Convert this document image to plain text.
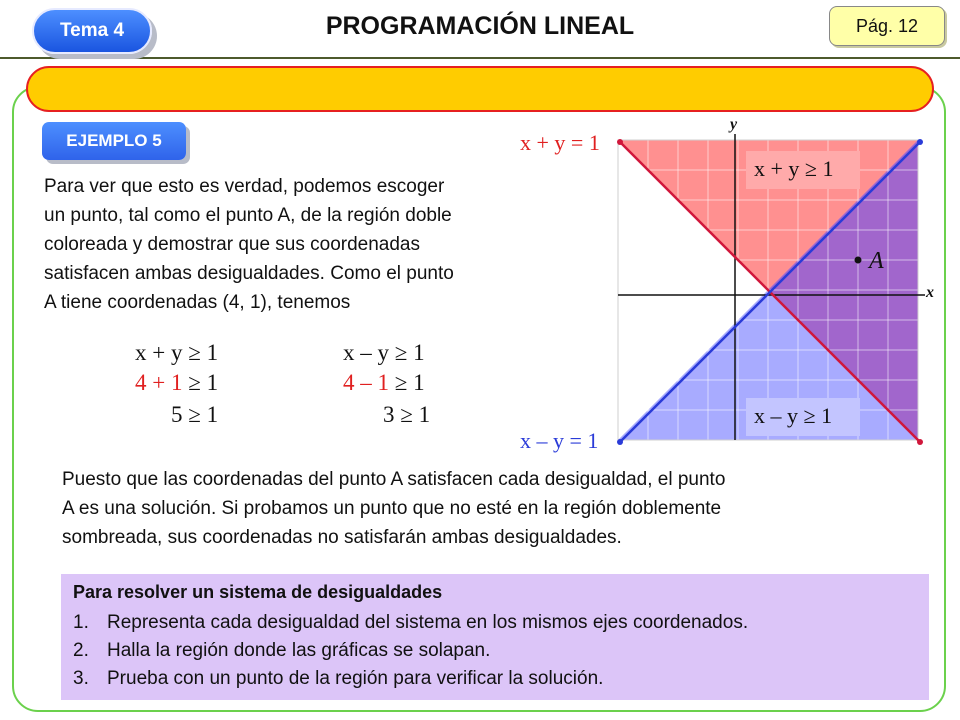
Tema 4	PROGRAMACIÓN LINEAL	Pág. 12
EJEMPLO 5
Para ver que esto es verdad, podemos escoger
un punto, tal como el punto A, de la región doble
coloreada y demostrar que sus coordenadas
satisfacen ambas desigualdades. Como el punto
A tiene coordenadas (4, 1), tenemos
x + y ≥ 1
4 + 1 ≥ 1
5 ≥ 1
x – y ≥ 1
4 – 1 ≥ 1
3 ≥ 1
y
x
x + y = 1
x – y = 1
x + y ≥ 1
x – y ≥ 1
A
Puesto que las coordenadas del punto A satisfacen cada desigualdad, el punto
A es una solución. Si probamos un punto que no esté en la región doblemente
sombreada, sus coordenadas no satisfarán ambas desigualdades.
Para resolver un sistema de desigualdades
1. Representa cada desigualdad del sistema en los mismos ejes coordenados.
2. Halla la región donde las gráficas se solapan.
3. Prueba con un punto de la región para verificar la solución.
